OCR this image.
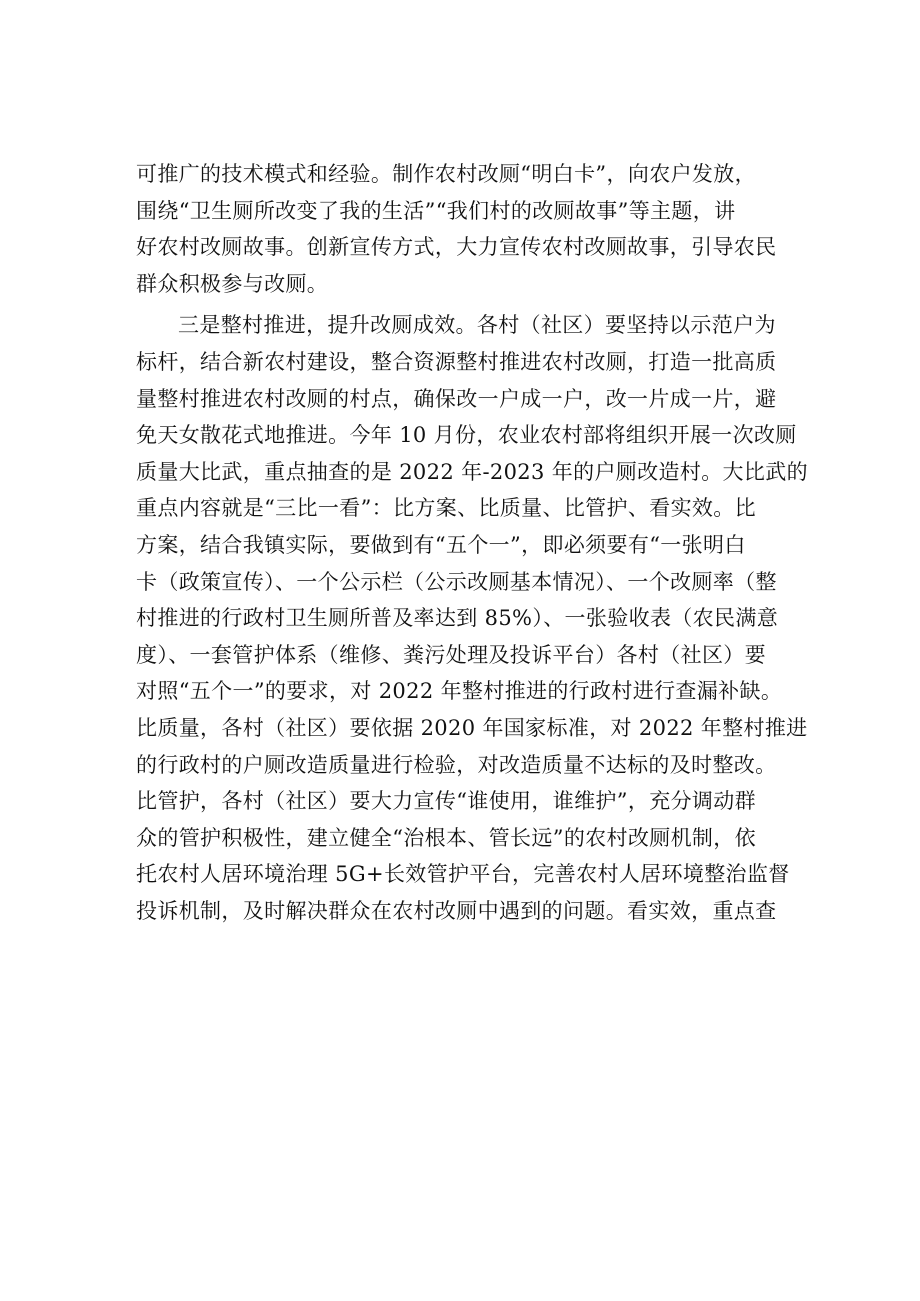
可推广的技术模式和经验。制作农村改厕“明白卡”，向农户发放，
围绕“卫生厕所改变了我的生活”“我们村的改厕故事”等主题，讲
好农村改厕故事。创新宣传方式，大力宣传农村改厕故事，引导农民
群众积极参与改厕。
三是整村推进，提升改厕成效。各村（社区）要坚持以示范户为
标杆，结合新农村建设，整合资源整村推进农村改厕，打造一批高质
量整村推进农村改厕的村点，确保改一户成一户，改一片成一片，避
免天女散花式地推进。今年 10 月份，农业农村部将组织开展一次改厕
质量大比武，重点抽查的是 2022 年-2023 年的户厕改造村。大比武的
重点内容就是“三比一看”：比方案、比质量、比管护、看实效。比
方案，结合我镇实际，要做到有“五个一”，即必须要有“一张明白
卡（政策宣传）、一个公示栏（公示改厕基本情况）、一个改厕率（整
村推进的行政村卫生厕所普及率达到 85%）、一张验收表（农民满意
度）、一套管护体系（维修、粪污处理及投诉平台）各村（社区）要
对照“五个一”的要求，对 2022 年整村推进的行政村进行查漏补缺。
比质量，各村（社区）要依据 2020 年国家标准，对 2022 年整村推进
的行政村的户厕改造质量进行检验，对改造质量不达标的及时整改。
比管护，各村（社区）要大力宣传“谁使用，谁维护”，充分调动群
众的管护积极性，建立健全“治根本、管长远”的农村改厕机制，依
托农村人居环境治理 5G+长效管护平台，完善农村人居环境整治监督
投诉机制，及时解决群众在农村改厕中遇到的问题。看实效，重点查
